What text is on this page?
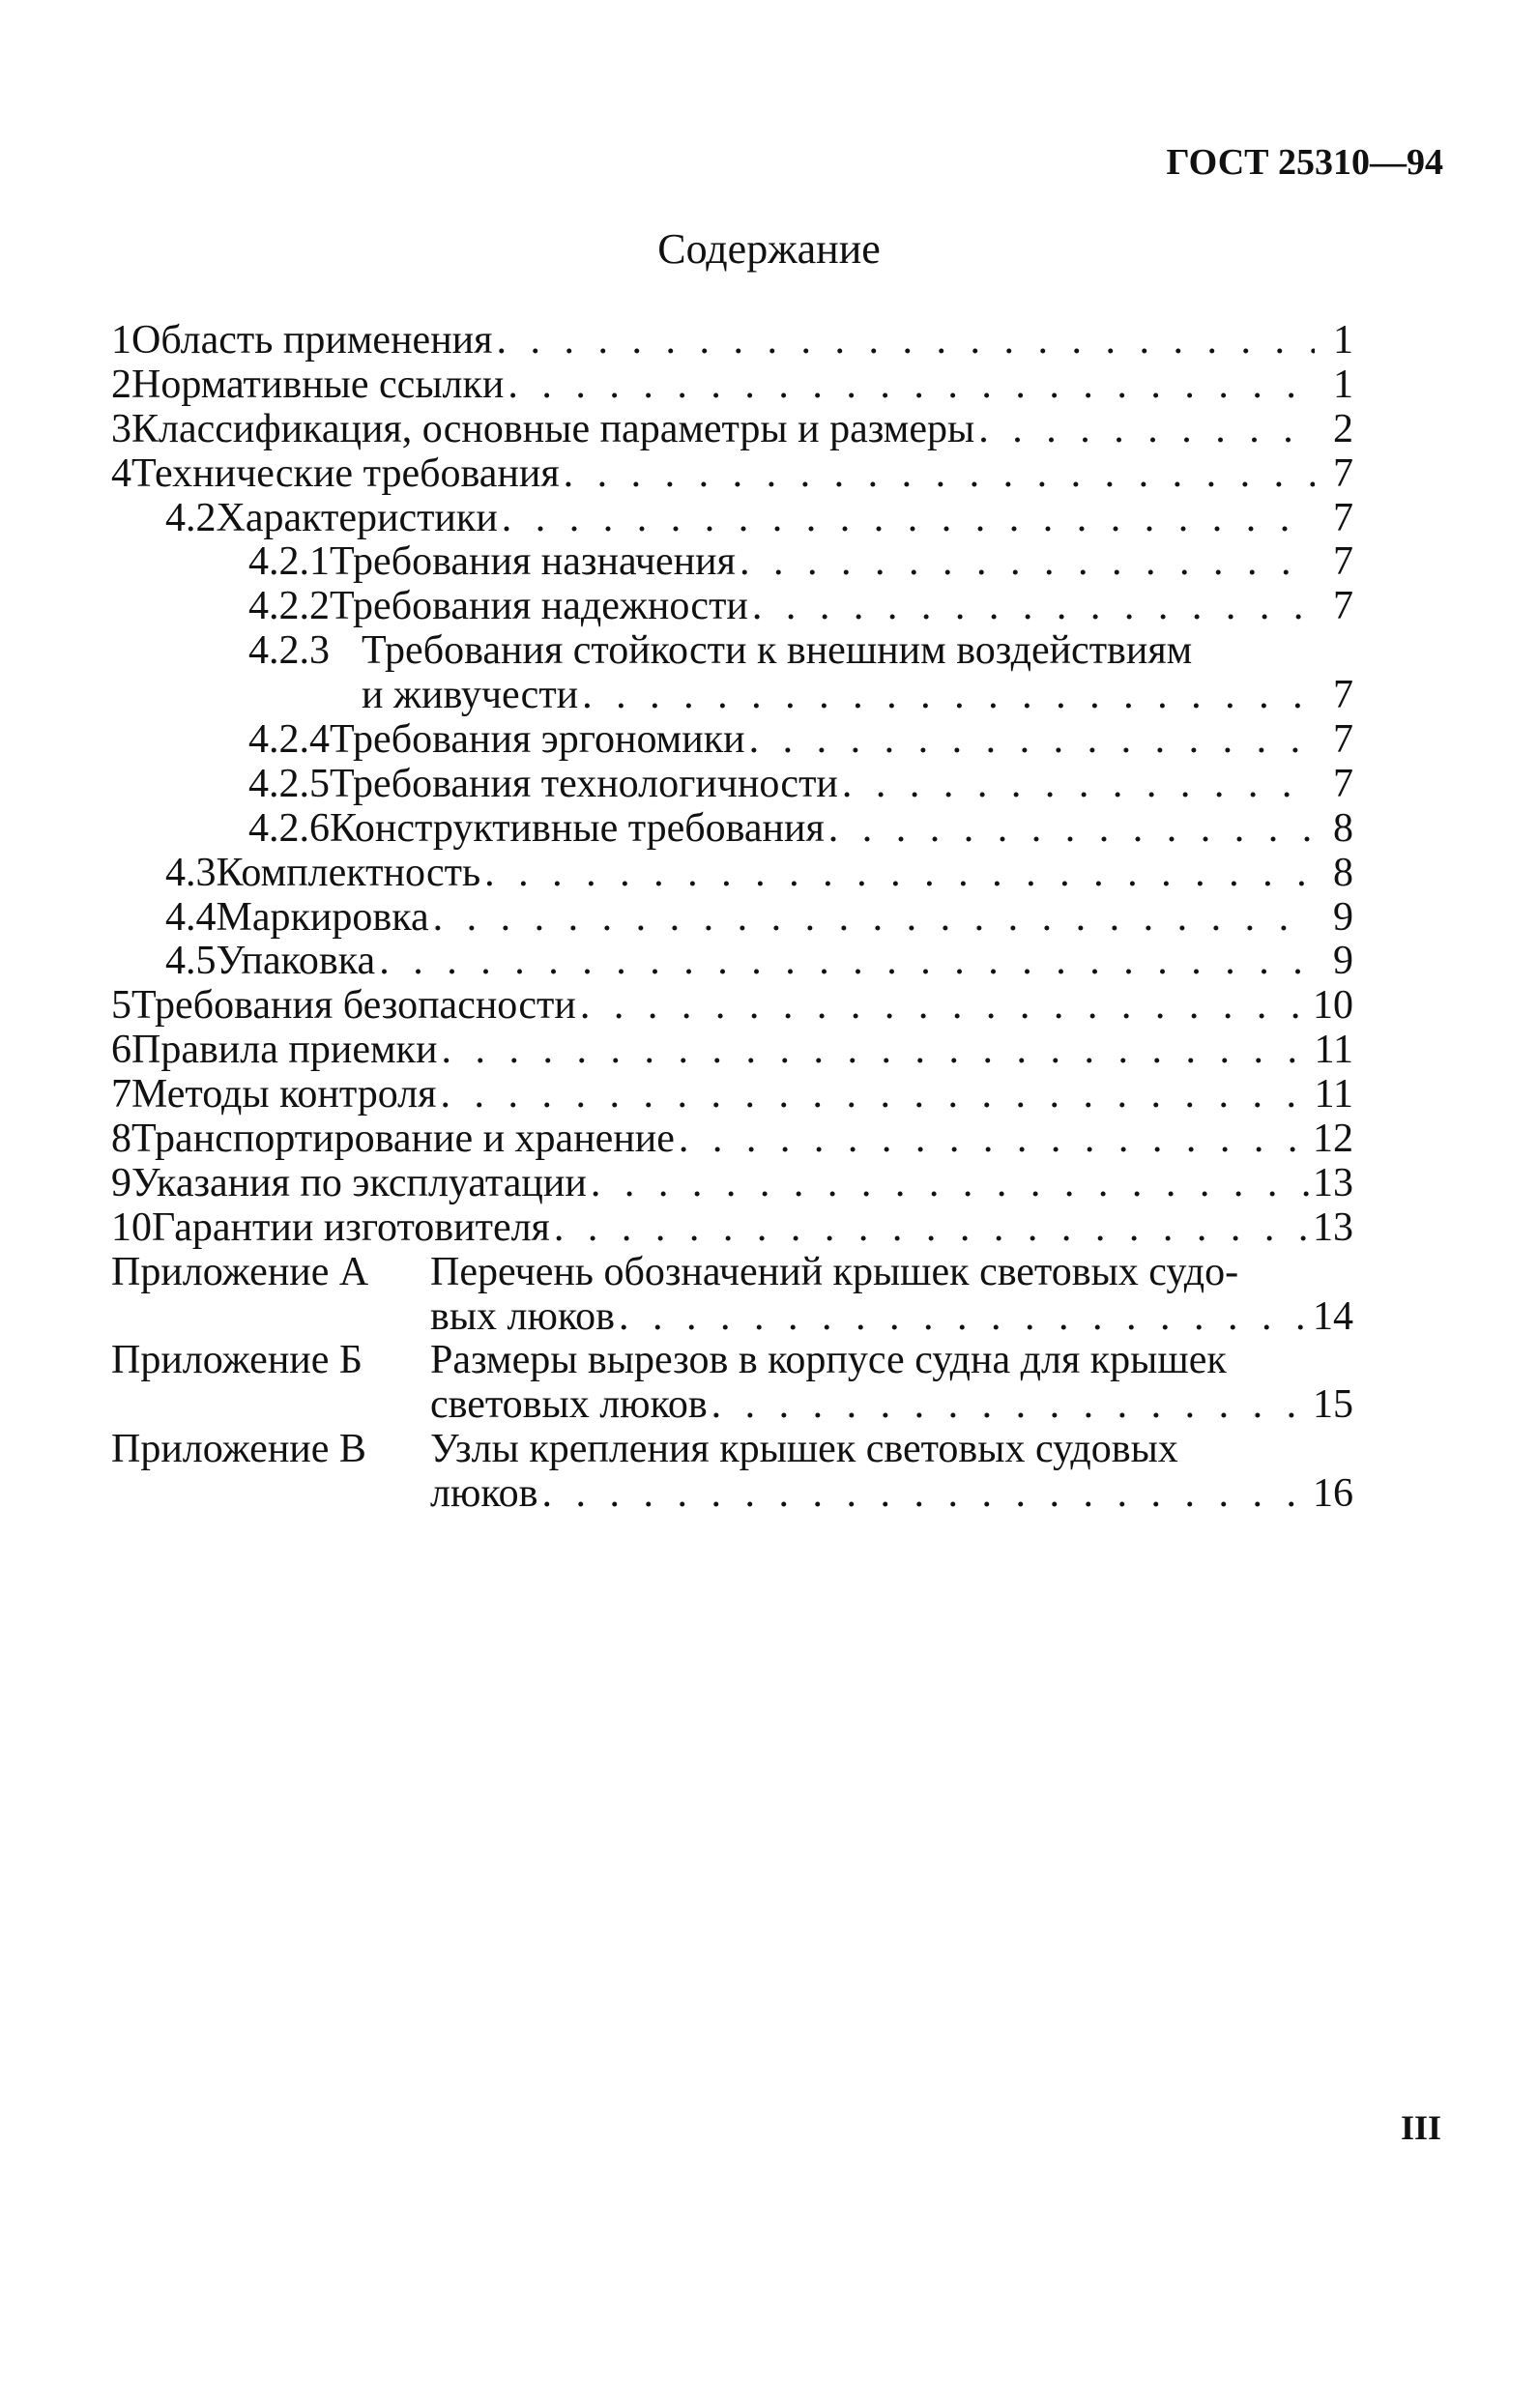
ГОСТ 25310—94
Содержание
1 Область применения . . .	1
2 Нормативные ссылки . . .	1
3 Классификация, основные параметры и размеры . . .	2
4 Технические требования . . .	7
4.2 Характеристики . . .	7
4.2.1 Требования назначения . . .	7
4.2.2 Требования надежности . . .	7
4.2.3 Требования стойкости к внешним воздействиям
и живучести . . .	7
4.2.4 Требования эргономики . . .	7
4.2.5 Требования технологичности . . .	7
4.2.6 Конструктивные требования . . .	8
4.3 Комплектность . . .	8
4.4 Маркировка . . .	9
4.5 Упаковка . . .	9
5 Требования безопасности . . .	10
6 Правила приемки . . .	11
7 Методы контроля . . .	11
8 Транспортирование и хранение . . .	12
9 Указания по эксплуатации . . .	13
10 Гарантии изготовителя . . .	13
Приложение А	Перечень обозначений крышек световых судо-
вых люков . . .	14
Приложение Б	Размеры вырезов в корпусе судна для крышек
световых люков . . .	15
Приложение В	Узлы крепления крышек световых судовых
люков . . .	16
III
